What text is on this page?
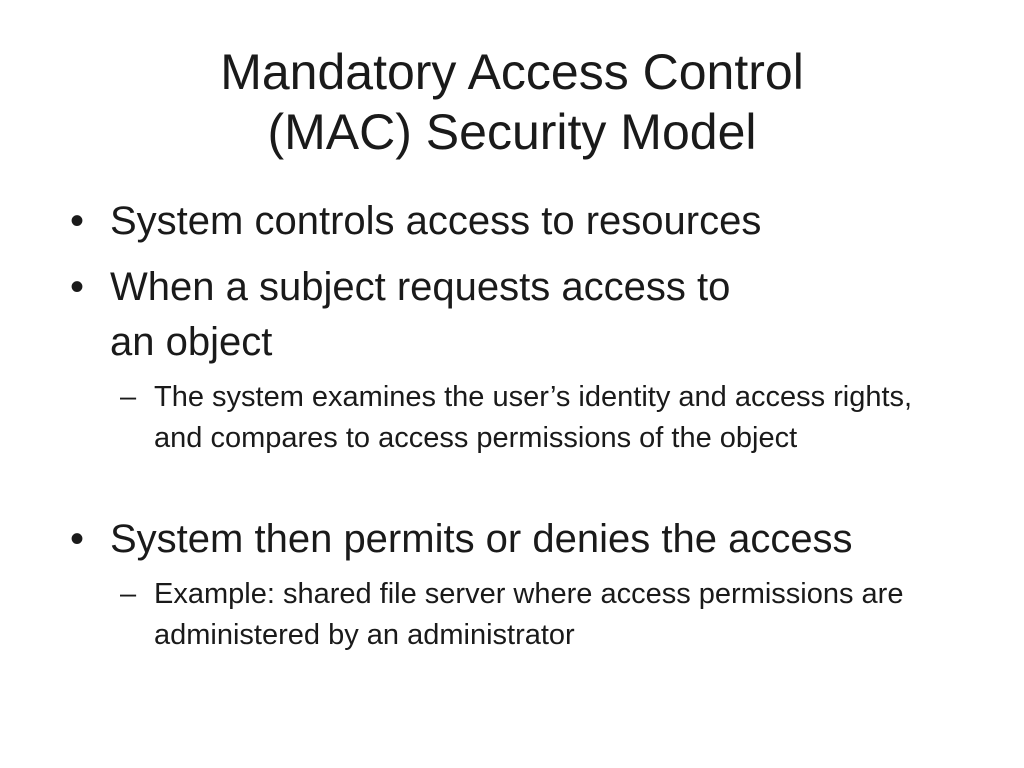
Mandatory Access Control
(MAC) Security Model
• System controls access to resources
• When a subject requests access to
an object
– The system examines the user’s identity and access rights, and compares to access permissions of the object
• System then permits or denies the access
– Example: shared file server where access permissions are administered by an administrator
